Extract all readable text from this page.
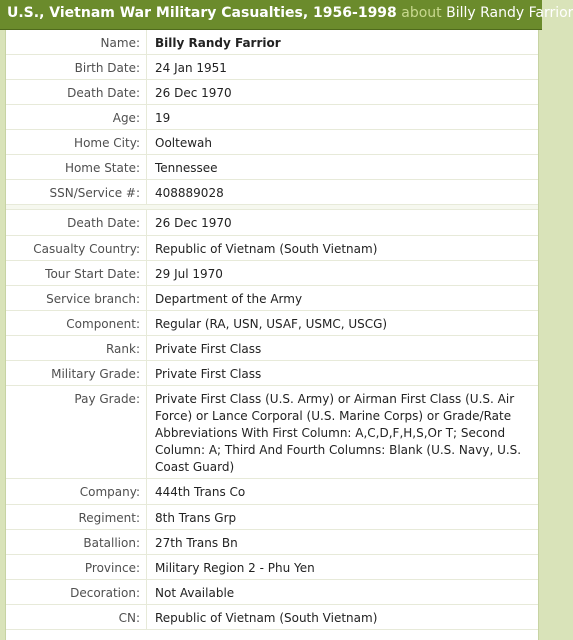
U.S., Vietnam War Military Casualties, 1956-1998 about Billy Randy Farrior
Name:	Billy Randy Farrior
Birth Date:	24 Jan 1951
Death Date:	26 Dec 1970
Age:	19
Home City:	Ooltewah
Home State:	Tennessee
SSN/Service #:	408889028
Death Date:	26 Dec 1970
Casualty Country:	Republic of Vietnam (South Vietnam)
Tour Start Date:	29 Jul 1970
Service branch:	Department of the Army
Component:	Regular (RA, USN, USAF, USMC, USCG)
Rank:	Private First Class
Military Grade:	Private First Class
Pay Grade:	Private First Class (U.S. Army) or Airman First Class (U.S. Air Force) or Lance Corporal (U.S. Marine Corps) or Grade/Rate Abbreviations With First Column: A,C,D,F,H,S,Or T; Second Column: A; Third And Fourth Columns: Blank (U.S. Navy, U.S. Coast Guard)
Company:	444th Trans Co
Regiment:	8th Trans Grp
Batallion:	27th Trans Bn
Province:	Military Region 2 - Phu Yen
Decoration:	Not Available
CN:	Republic of Vietnam (South Vietnam)
